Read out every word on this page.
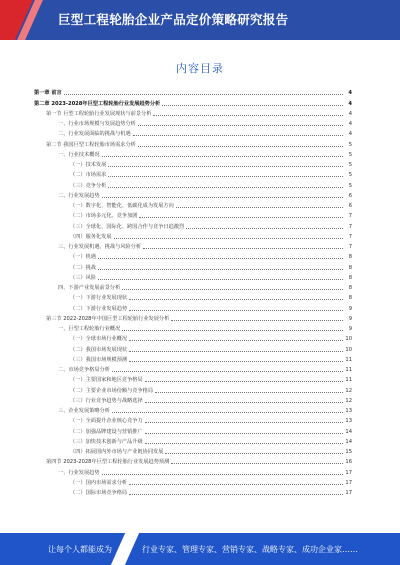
巨型工程轮胎企业产品定价策略研究报告
内容目录
第一章 前言	4
第二章 2023-2028年巨型工程轮胎行业发展趋势分析	4
第一节 巨型工程轮胎行业发展现状与前景分析	4
一、行业市场规模与发展趋势分析	4
二、行业发展面临的挑战与机遇	4
第二节 我国巨型工程轮胎市场需求分析	5
一、行业技术概况	5
（一）技术发展	5
（二）市场需求	5
（三）竞争分析	5
二、行业发展趋势	6
（一）数字化、智能化、低碳化成为发展方向	6
（二）市场多元化、竞争加剧	7
（三）全球化、国际化、跨国合作与竞争日趋激烈	7
（四）服务化发展	7
三、行业发展机遇、挑战与风险分析	7
（一）机遇	8
（二）挑战	8
（三）风险	8
四、下游产业发展前景分析	8
（一）下游行业发展现状	8
（二）下游行业发展趋势	9
第三节 2022-2028年中国巨型工程轮胎行业发展分析	9
一、巨型工程轮胎行业概况	9
（一）全球市场行业概况	10
（二）我国市场发展现状	10
（三）我国市场规模预测	11
二、市场竞争格局分析	11
（一）主要国家和地区竞争格局	11
（二）主要企业市场份额与竞争格局	12
（三）行业竞争趋势与战略选择	12
三、企业发展策略分析	13
（一）全面提升企业核心竞争力	13
（二）加强品牌建设与营销推广	14
（三）加快技术创新与产品升级	14
（四）拓展国内外市场与产业链协同发展	15
第四节 2023-2028年巨型工程轮胎行业发展趋势预测	16
一、行业发展趋势	17
（一）国内市场需求分析	17
（二）国际市场竞争格局	17
让每个人都能成为	行业专家、管理专家、营销专家、战略专家、成功企业家……
